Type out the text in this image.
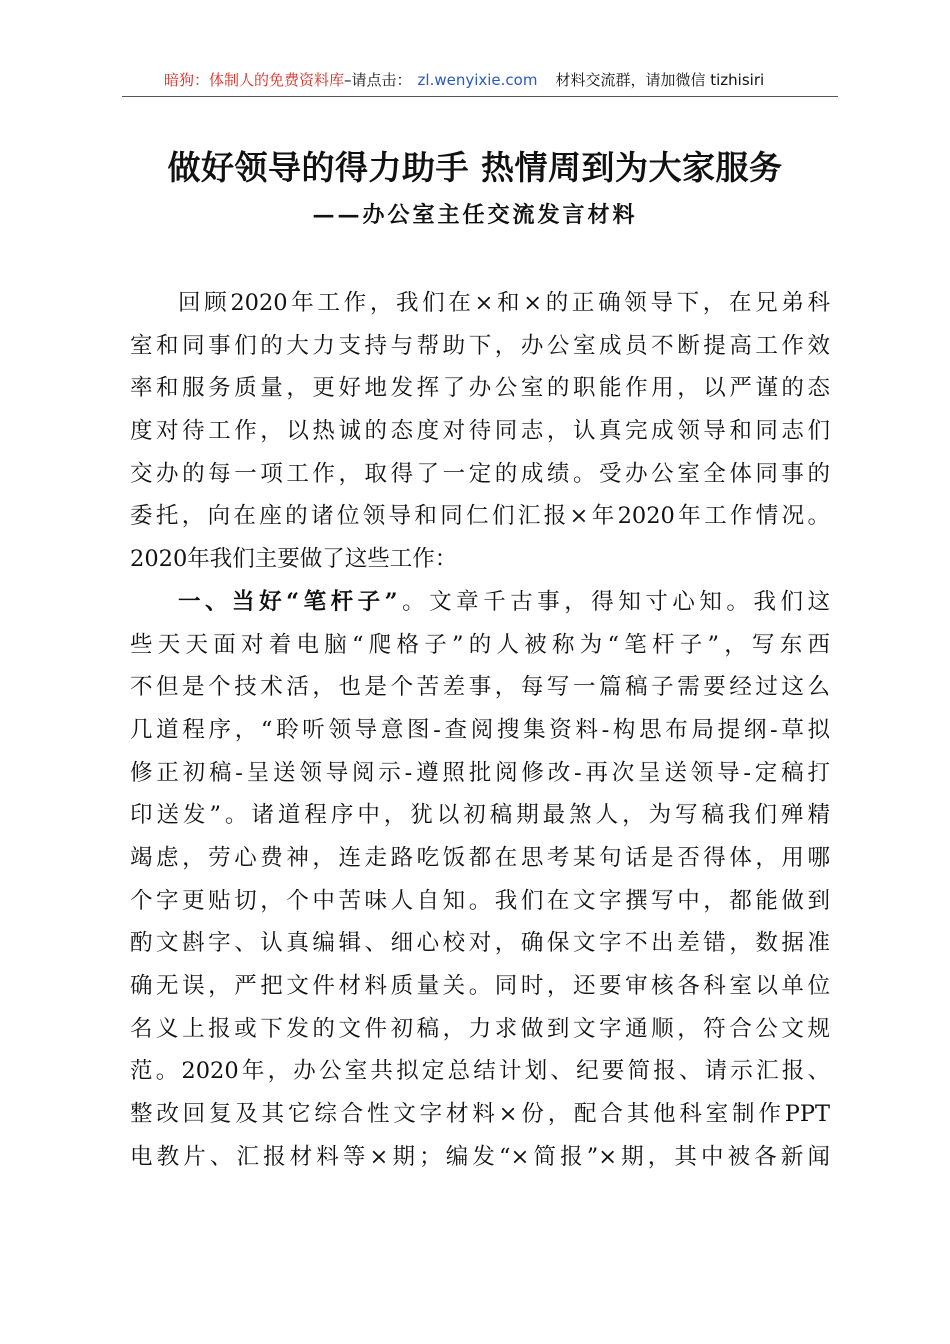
暗狗：体制人的免费资料库–请点击： zl.wenyixie.com 材料交流群，请加微信 tizhisiri
做好领导的得力助手 热情周到为大家服务
——办公室主任交流发言材料
回顾2020年工作，我们在×和×的正确领导下，在兄弟科
室和同事们的大力支持与帮助下，办公室成员不断提高工作效
率和服务质量，更好地发挥了办公室的职能作用，以严谨的态
度对待工作，以热诚的态度对待同志，认真完成领导和同志们
交办的每一项工作，取得了一定的成绩。受办公室全体同事的
委托，向在座的诸位领导和同仁们汇报×年2020年工作情况。
2020年我们主要做了这些工作：
一、当好“笔杆子”。文章千古事，得知寸心知。我们这
些天天面对着电脑“爬格子”的人被称为“笔杆子”，写东西
不但是个技术活，也是个苦差事，每写一篇稿子需要经过这么
几道程序，“聆听领导意图-查阅搜集资料-构思布局提纲-草拟
修正初稿-呈送领导阅示-遵照批阅修改-再次呈送领导-定稿打
印送发”。诸道程序中，犹以初稿期最煞人，为写稿我们殚精
竭虑，劳心费神，连走路吃饭都在思考某句话是否得体，用哪
个字更贴切，个中苦味人自知。我们在文字撰写中，都能做到
酌文斟字、认真编辑、细心校对，确保文字不出差错，数据准
确无误，严把文件材料质量关。同时，还要审核各科室以单位
名义上报或下发的文件初稿，力求做到文字通顺，符合公文规
范。2020年，办公室共拟定总结计划、纪要简报、请示汇报、
整改回复及其它综合性文字材料×份，配合其他科室制作PPT
电教片、汇报材料等×期；编发“×简报”×期，其中被各新闻
